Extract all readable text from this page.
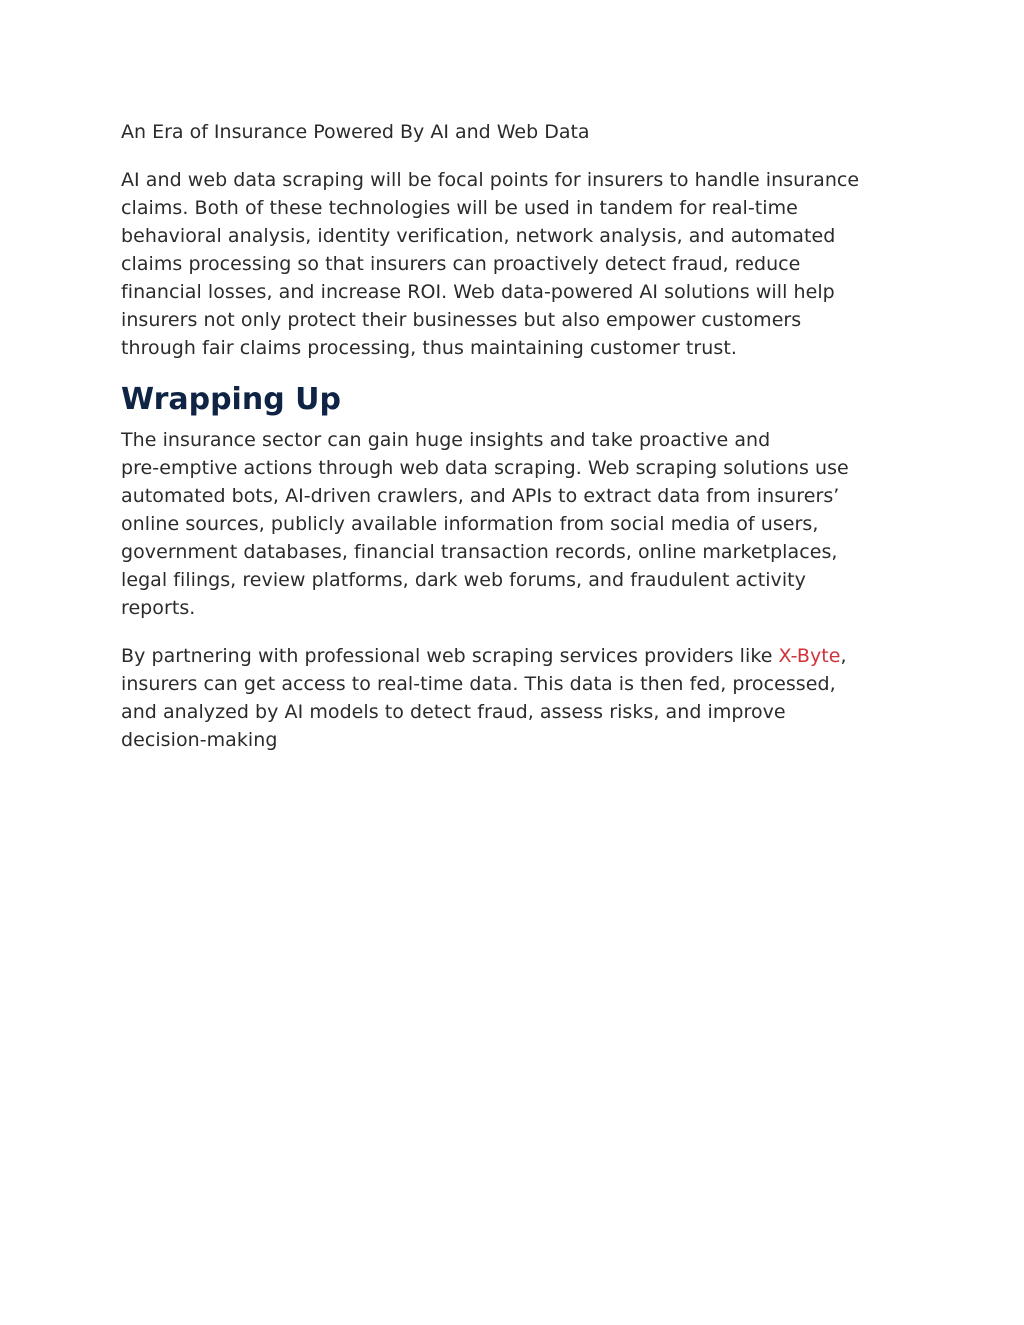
An Era of Insurance Powered By AI and Web Data
AI and web data scraping will be focal points for insurers to handle insurance
claims. Both of these technologies will be used in tandem for real-time
behavioral analysis, identity verification, network analysis, and automated
claims processing so that insurers can proactively detect fraud, reduce
financial losses, and increase ROI. Web data-powered AI solutions will help
insurers not only protect their businesses but also empower customers
through fair claims processing, thus maintaining customer trust.
Wrapping Up
The insurance sector can gain huge insights and take proactive and
pre-emptive actions through web data scraping. Web scraping solutions use
automated bots, AI-driven crawlers, and APIs to extract data from insurers’
online sources, publicly available information from social media of users,
government databases, financial transaction records, online marketplaces,
legal filings, review platforms, dark web forums, and fraudulent activity
reports.
By partnering with professional web scraping services providers like X-Byte,
insurers can get access to real-time data. This data is then fed, processed,
and analyzed by AI models to detect fraud, assess risks, and improve
decision-making
